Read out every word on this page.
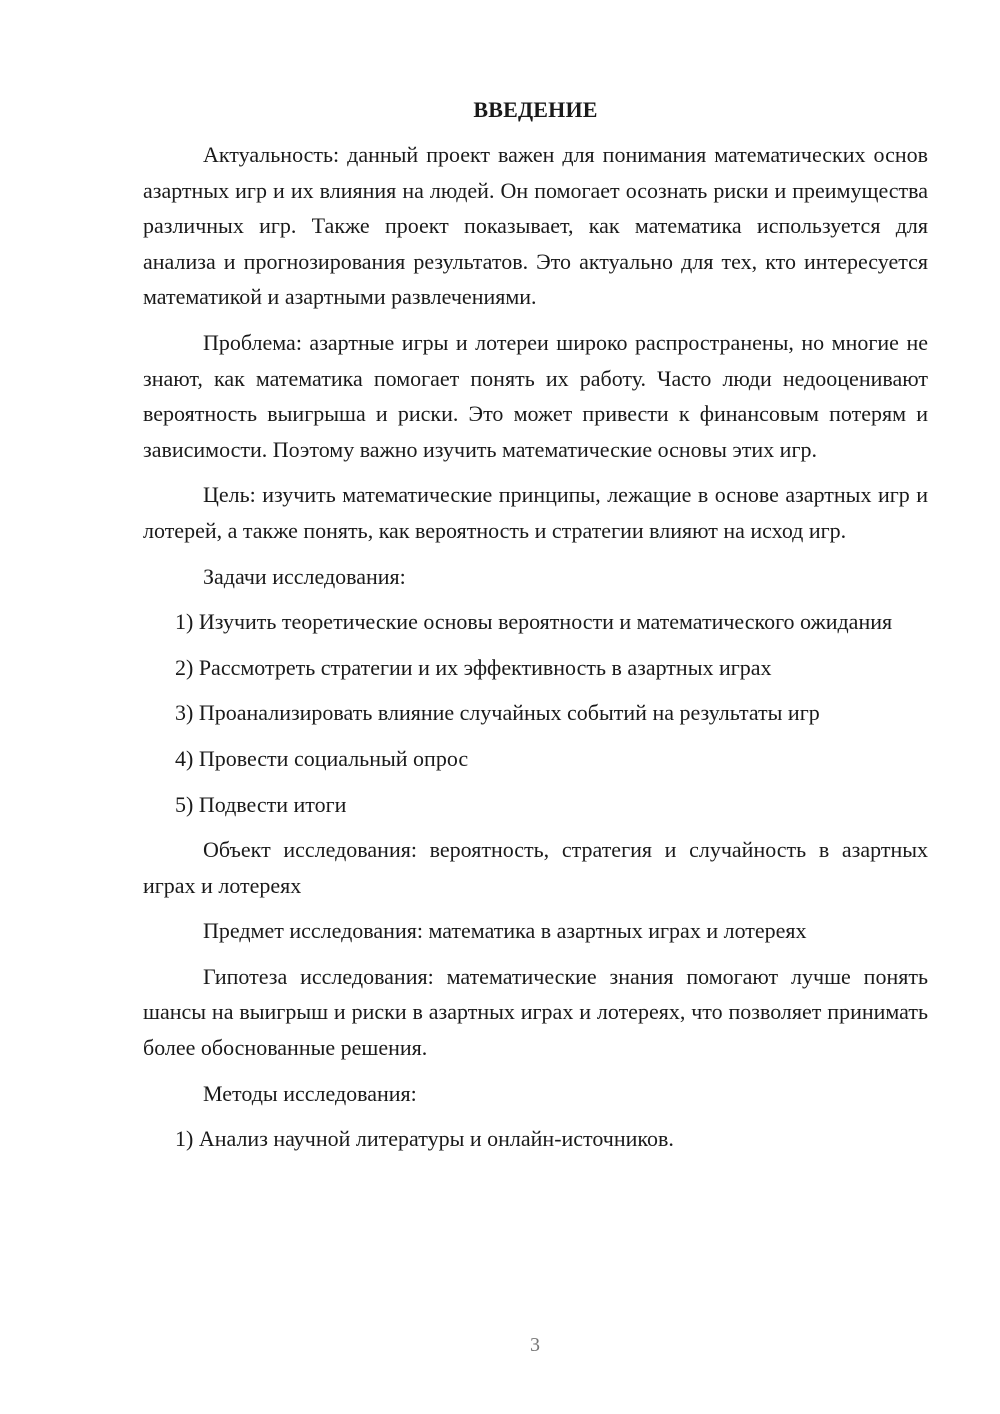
ВВЕДЕНИЕ

Актуальность: данный проект важен для понимания математических основ азартных игр и их влияния на людей. Он помогает осознать риски и преимущества различных игр. Также проект показывает, как математика используется для анализа и прогнозирования результатов. Это актуально для тех, кто интересуется математикой и азартными развлечениями.

Проблема: азартные игры и лотереи широко распространены, но многие не знают, как математика помогает понять их работу. Часто люди недооценивают вероятность выигрыша и риски. Это может привести к финансовым потерям и зависимости. Поэтому важно изучить математические основы этих игр.

Цель: изучить математические принципы, лежащие в основе азартных игр и лотерей, а также понять, как вероятность и стратегии влияют на исход игр.

Задачи исследования:

1) Изучить теоретические основы вероятности и математического ожидания

2) Рассмотреть стратегии и их эффективность в азартных играх

3) Проанализировать влияние случайных событий на результаты игр

4) Провести социальный опрос

5) Подвести итоги

Объект исследования: вероятность, стратегия и случайность в азартных играх и лотереях

Предмет исследования: математика в азартных играх и лотереях

Гипотеза исследования: математические знания помогают лучше понять шансы на выигрыш и риски в азартных играх и лотереях, что позволяет принимать более обоснованные решения.

Методы исследования:

1) Анализ научной литературы и онлайн-источников.

3
